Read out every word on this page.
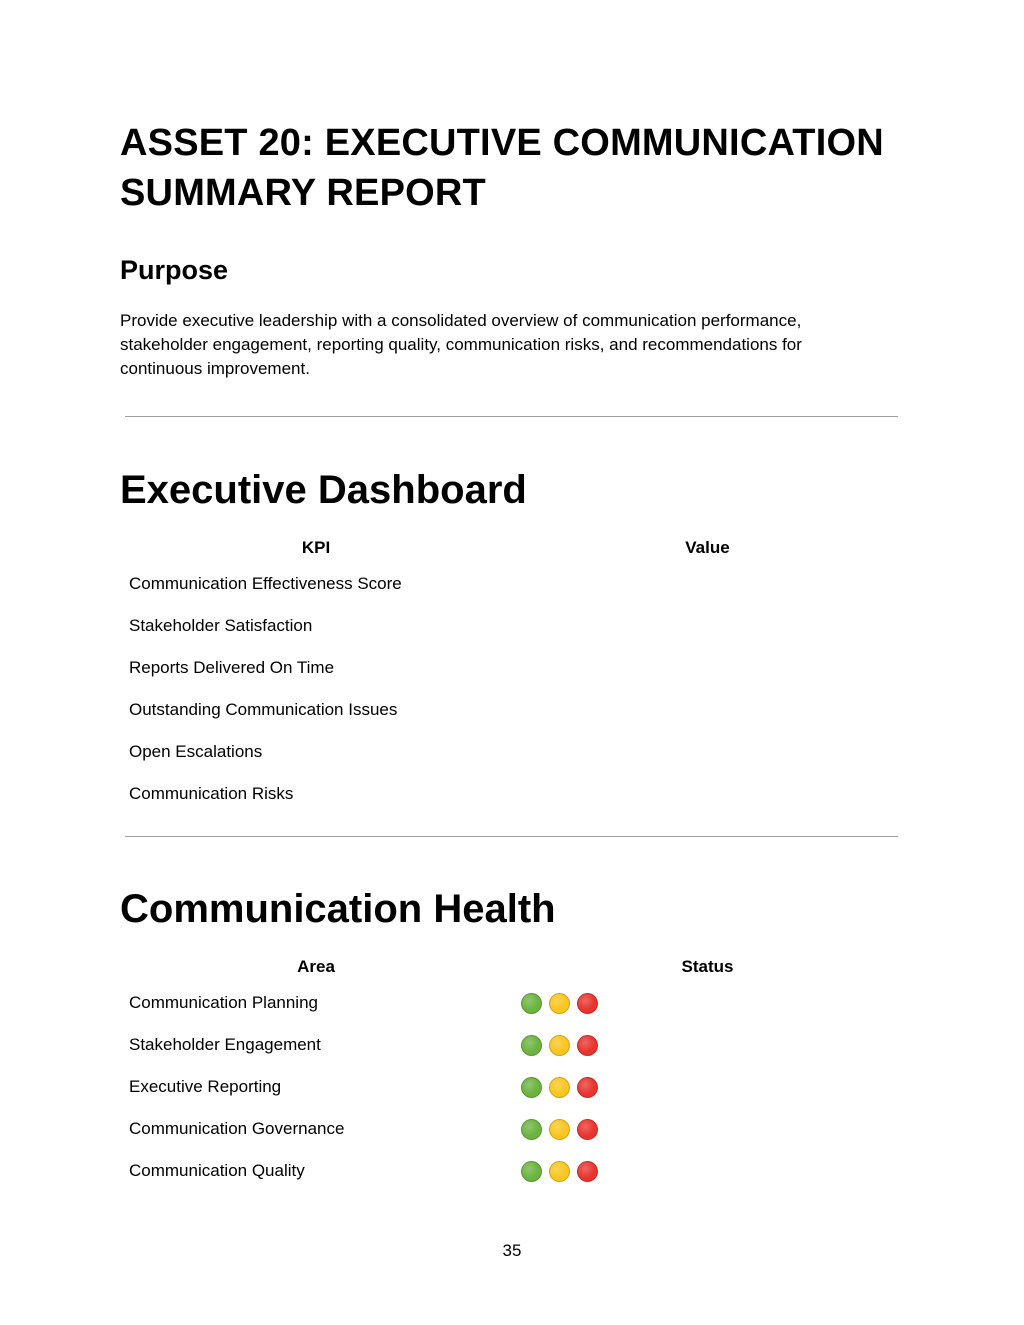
ASSET 20: EXECUTIVE COMMUNICATION SUMMARY REPORT
Purpose

Provide executive leadership with a consolidated overview of communication performance, stakeholder engagement, reporting quality, communication risks, and recommendations for continuous improvement.

Executive Dashboard
KPI	Value
Communication Effectiveness Score
Stakeholder Satisfaction
Reports Delivered On Time
Outstanding Communication Issues
Open Escalations
Communication Risks
Communication Health
Area	Status
Communication Planning
Stakeholder Engagement
Executive Reporting
Communication Governance
Communication Quality

35
